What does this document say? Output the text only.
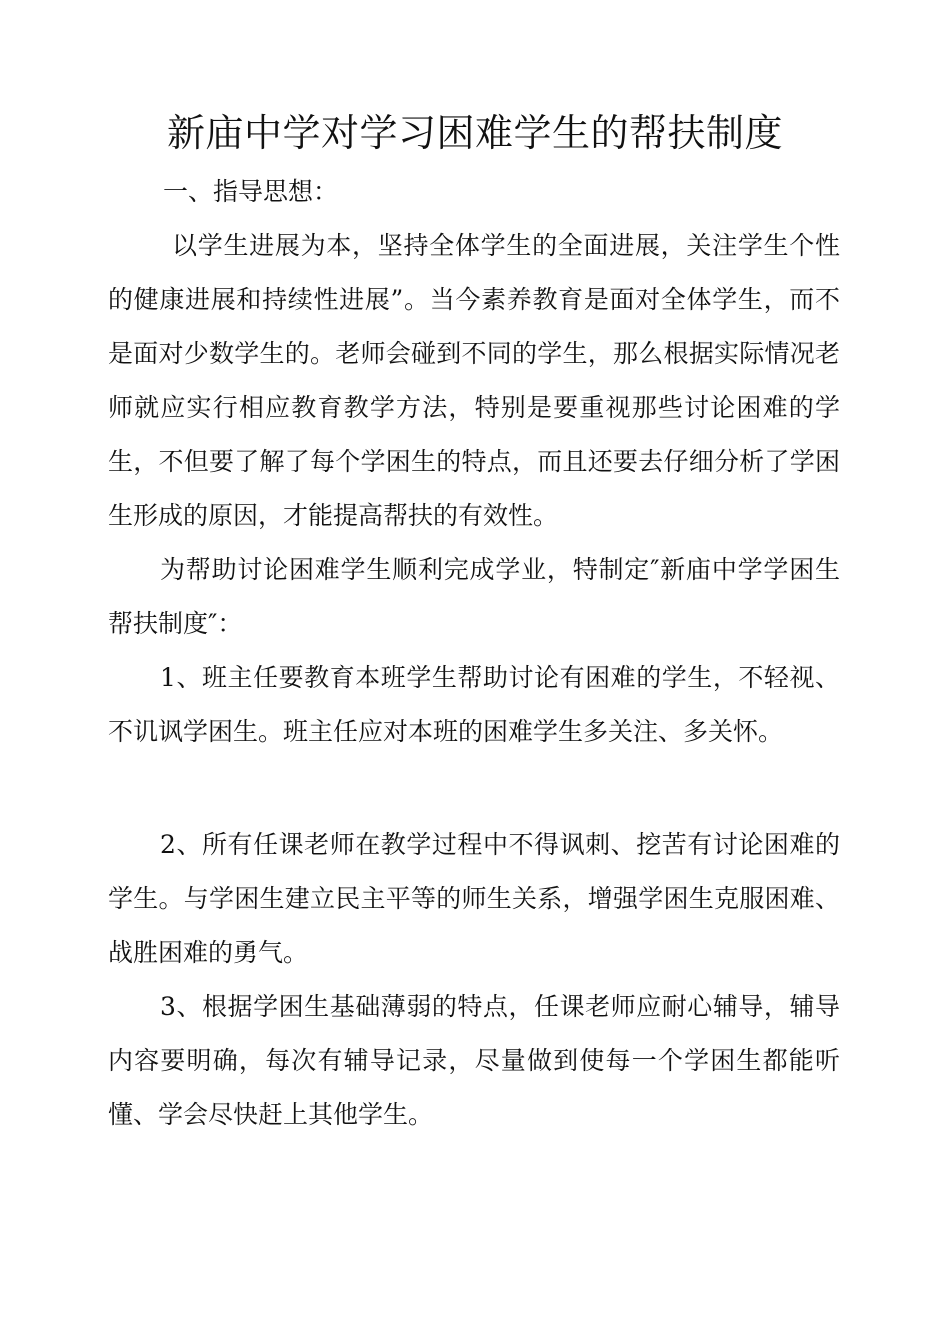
新庙中学对学习困难学生的帮扶制度

一、指导思想：

以学生进展为本，坚持全体学生的全面进展，关注学生个性的健康进展和持续性进展”。当今素养教育是面对全体学生，而不是面对少数学生的。老师会碰到不同的学生，那么根据实际情况老师就应实行相应教育教学方法，特别是要重视那些讨论困难的学生，不但要了解了每个学困生的特点，而且还要去仔细分析了学困生形成的原因，才能提高帮扶的有效性。

为帮助讨论困难学生顺利完成学业，特制定″新庙中学学困生帮扶制度″：

1、班主任要教育本班学生帮助讨论有困难的学生，不轻视、不讥讽学困生。班主任应对本班的困难学生多关注、多关怀。

2、所有任课老师在教学过程中不得讽刺、挖苦有讨论困难的学生。与学困生建立民主平等的师生关系，增强学困生克服困难、战胜困难的勇气。

3、根据学困生基础薄弱的特点，任课老师应耐心辅导，辅导内容要明确，每次有辅导记录，尽量做到使每一个学困生都能听懂、学会尽快赶上其他学生。
